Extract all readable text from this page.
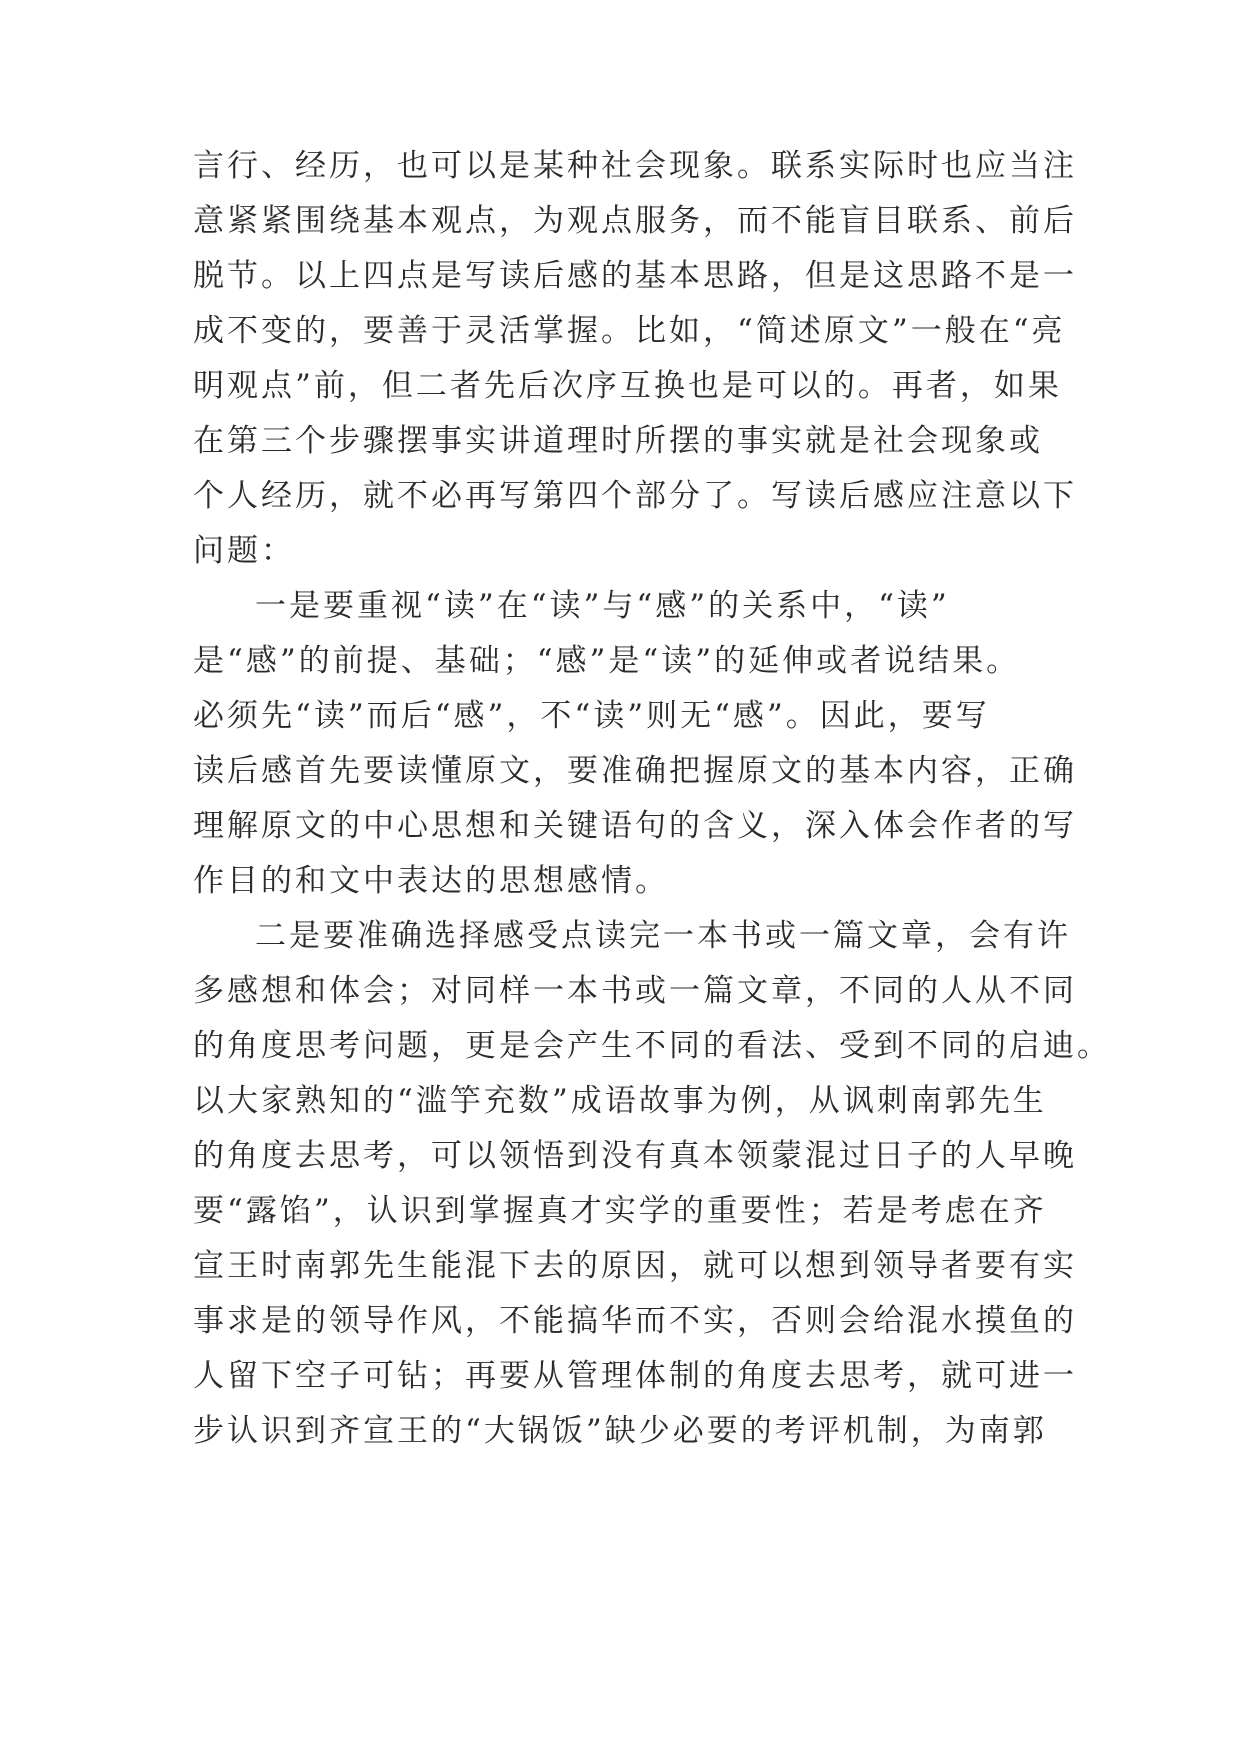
言行、经历，也可以是某种社会现象。联系实际时也应当注

意紧紧围绕基本观点，为观点服务，而不能盲目联系、前后

脱节。以上四点是写读后感的基本思路，但是这思路不是一

成不变的，要善于灵活掌握。比如，“简述原文”一般在“亮

明观点”前，但二者先后次序互换也是可以的。再者，如果

在第三个步骤摆事实讲道理时所摆的事实就是社会现象或

个人经历，就不必再写第四个部分了。写读后感应注意以下

问题：

一是要重视“读”在“读”与“感”的关系中，“读”

是“感”的前提、基础；“感”是“读”的延伸或者说结果。

必须先“读”而后“感”，不“读”则无“感”。因此，要写

读后感首先要读懂原文，要准确把握原文的基本内容，正确

理解原文的中心思想和关键语句的含义，深入体会作者的写

作目的和文中表达的思想感情。

二是要准确选择感受点读完一本书或一篇文章，会有许

多感想和体会；对同样一本书或一篇文章，不同的人从不同

的角度思考问题，更是会产生不同的看法、受到不同的启迪。

以大家熟知的“滥竽充数”成语故事为例，从讽刺南郭先生

的角度去思考，可以领悟到没有真本领蒙混过日子的人早晚

要“露馅”，认识到掌握真才实学的重要性；若是考虑在齐

宣王时南郭先生能混下去的原因，就可以想到领导者要有实

事求是的领导作风，不能搞华而不实，否则会给混水摸鱼的

人留下空子可钻；再要从管理体制的角度去思考，就可进一

步认识到齐宣王的“大锅饭”缺少必要的考评机制，为南郭
